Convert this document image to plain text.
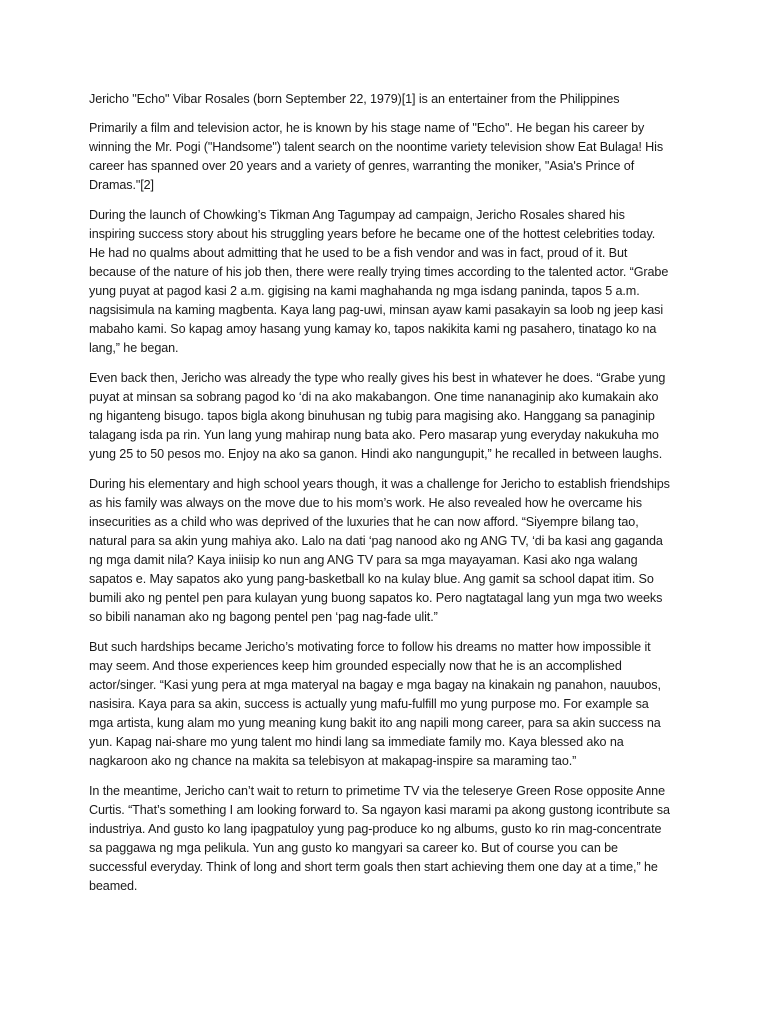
Jericho "Echo" Vibar Rosales (born September 22, 1979)[1] is an entertainer from the Philippines

Primarily a film and television actor, he is known by his stage name of "Echo". He began his career by winning the Mr. Pogi ("Handsome") talent search on the noontime variety television show Eat Bulaga! His career has spanned over 20 years and a variety of genres, warranting the moniker, "Asia's Prince of Dramas."[2]

During the launch of Chowking’s Tikman Ang Tagumpay ad campaign, Jericho Rosales shared his inspiring success story about his struggling years before he became one of the hottest celebrities today. He had no qualms about admitting that he used to be a fish vendor and was in fact, proud of it. But because of the nature of his job then, there were really trying times according to the talented actor. “Grabe yung puyat at pagod kasi 2 a.m. gigising na kami maghahanda ng mga isdang paninda, tapos 5 a.m. nagsisimula na kaming magbenta. Kaya lang pag-uwi, minsan ayaw kami pasakayin sa loob ng jeep kasi mabaho kami. So kapag amoy hasang yung kamay ko, tapos nakikita kami ng pasahero, tinatago ko na lang,” he began.

Even back then, Jericho was already the type who really gives his best in whatever he does. “Grabe yung puyat at minsan sa sobrang pagod ko ‘di na ako makabangon. One time nananaginip ako kumakain ako ng higanteng bisugo. tapos bigla akong binuhusan ng tubig para magising ako. Hanggang sa panaginip talagang isda pa rin. Yun lang yung mahirap nung bata ako. Pero masarap yung everyday nakukuha mo yung 25 to 50 pesos mo. Enjoy na ako sa ganon. Hindi ako nangungupit,” he recalled in between laughs.

During his elementary and high school years though, it was a challenge for Jericho to establish friendships as his family was always on the move due to his mom’s work. He also revealed how he overcame his insecurities as a child who was deprived of the luxuries that he can now afford. “Siyempre bilang tao, natural para sa akin yung mahiya ako. Lalo na dati ‘pag nanood ako ng ANG TV, ‘di ba kasi ang gaganda ng mga damit nila? Kaya iniisip ko nun ang ANG TV para sa mga mayayaman. Kasi ako nga walang sapatos e. May sapatos ako yung pang-basketball ko na kulay blue. Ang gamit sa school dapat itim. So bumili ako ng pentel pen para kulayan yung buong sapatos ko. Pero nagtatagal lang yun mga two weeks so bibili nanaman ako ng bagong pentel pen ‘pag nag-fade ulit.”

But such hardships became Jericho’s motivating force to follow his dreams no matter how impossible it may seem. And those experiences keep him grounded especially now that he is an accomplished actor/singer. “Kasi yung pera at mga materyal na bagay e mga bagay na kinakain ng panahon, nauubos, nasisira. Kaya para sa akin, success is actually yung mafu-fulfill mo yung purpose mo. For example sa mga artista, kung alam mo yung meaning kung bakit ito ang napili mong career, para sa akin success na yun. Kapag nai-share mo yung talent mo hindi lang sa immediate family mo. Kaya blessed ako na nagkaroon ako ng chance na makita sa telebisyon at makapag-inspire sa maraming tao.”

In the meantime, Jericho can’t wait to return to primetime TV via the teleserye Green Rose opposite Anne Curtis. “That’s something I am looking forward to. Sa ngayon kasi marami pa akong gustong icontribute sa industriya. And gusto ko lang ipagpatuloy yung pag-produce ko ng albums, gusto ko rin mag-concentrate sa paggawa ng mga pelikula. Yun ang gusto ko mangyari sa career ko. But of course you can be successful everyday. Think of long and short term goals then start achieving them one day at a time,” he beamed.
